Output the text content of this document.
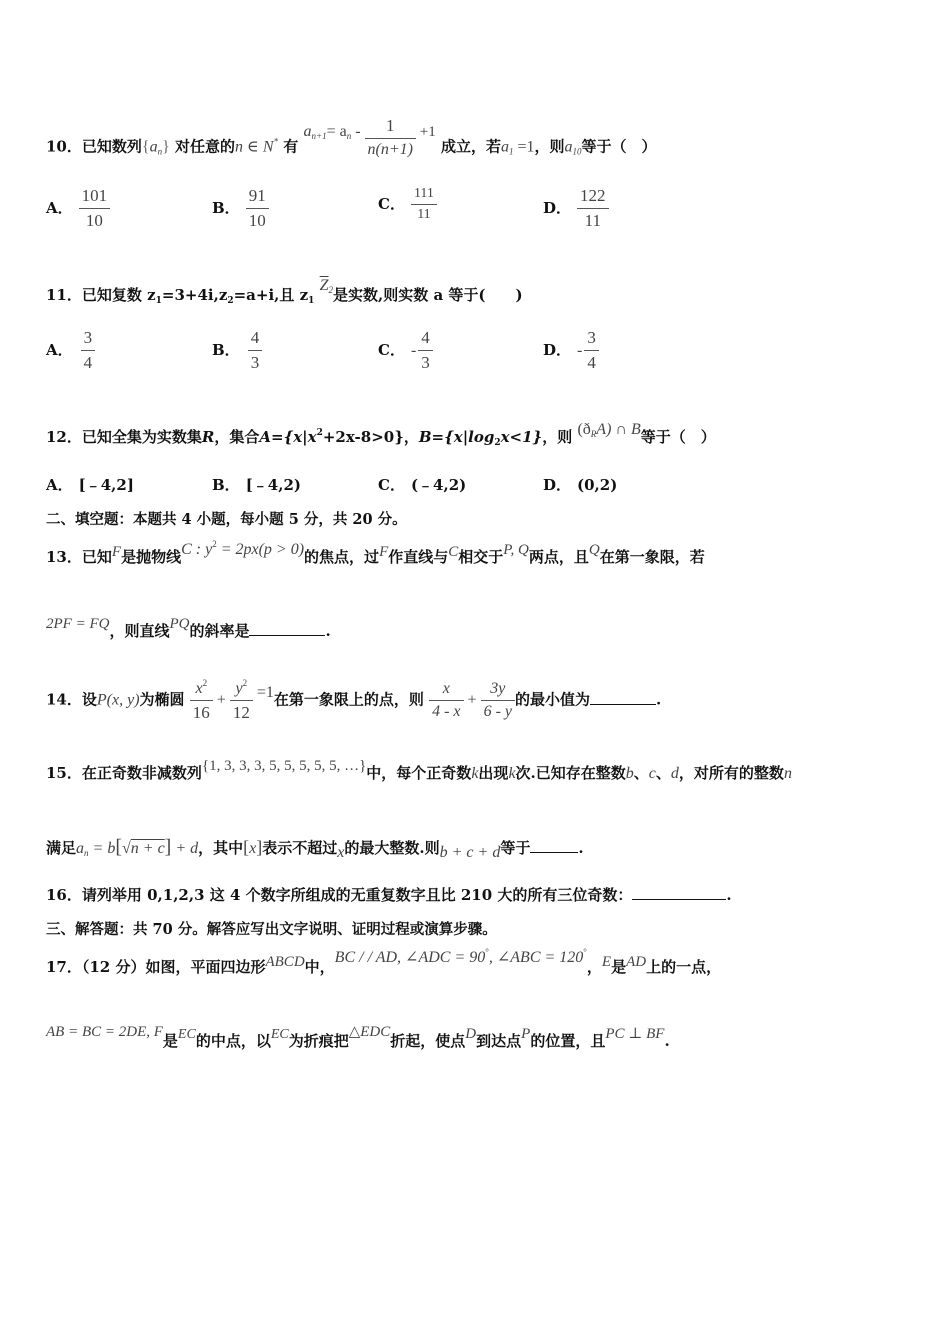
10．已知数列$\{a_n\}$ 对任意的n ∈ N* 有 $a_{n+1}= a_n - \frac{1}{n(n+1)} +1$ 成立，若$a_1 =1$，则$a_{10}$等于（　）
A． $\frac{101}{10}$	B． $\frac{91}{10}$	C． $\frac{111}{11}$	D． $\frac{122}{11}$
11．已知复数 $z_1=3+4i,z_2=a+i$,且 $z_1$ $\overline{Z}_2$是实数,则实数 a 等于(　　)
A． $\frac{3}{4}$	B． $\frac{4}{3}$	C． - $\frac{4}{3}$	D． - $\frac{3}{4}$
12．已知全集为实数集R，集合$A=\{x|x^2+2x-8>0\}$，$B=\{x|\log_2x<1\}$，则 $(ð_RA)$ ∩ B等于（　）
A． [﹣4,2]	B． [﹣4,2)	C． (﹣4,2)	D． (0,2)
二、填空题：本题共 4 小题，每小题 5 分，共 20 分。
13．已知F是抛物线C : $y^2 = 2px(p > 0)$的焦点，过F作直线与C相交于P, Q两点，且Q在第一象限，若
2PF = FQ，则直线PQ的斜率是	.
14．设P(x, y)为椭圆 $\frac{x^2}{16} + \frac{y^2}{12} =1$在第一象限上的点，则 $\frac{x}{4 - x} + \frac{3y}{6 - y}$ 的最小值为	.
15．在正奇数非减数列{1, 3, 3, 3, 5, 5, 5, 5, 5, …}中，每个正奇数k出现k次.已知存在整数b、c、d，对所有的整数n
满足$a_n = b[√n + c] + d$，其中[x]表示不超过x的最大整数.则b + c + d等于	.
16．请列举用 0,1,2,3 这 4 个数字所组成的无重复数字且比 210 大的所有三位奇数：	.
三、解答题：共 70 分。解答应写出文字说明、证明过程或演算步骤。
17．（12 分）如图，平面四边形ABCD中，BC / / AD, ∠ADC = 90°, ∠ABC = 120°，E是AD上的一点，
AB = BC = 2DE, F是EC的中点，以EC为折痕把△EDC折起，使点D到达点P的位置，且PC ⊥ BF.
